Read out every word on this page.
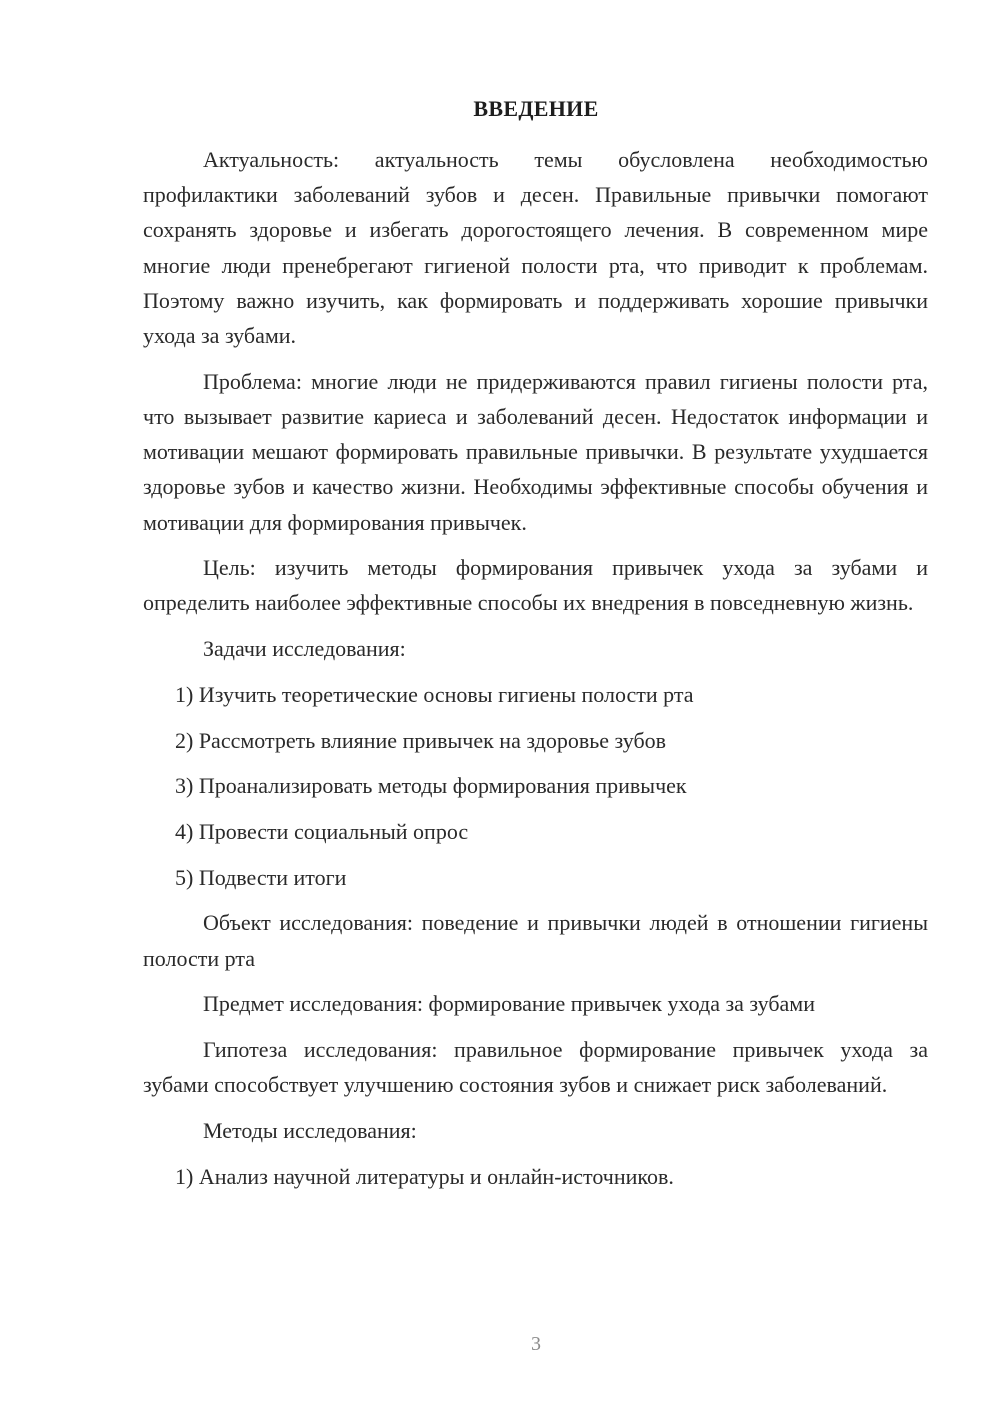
ВВЕДЕНИЕ

Актуальность: актуальность темы обусловлена необходимостью профилактики заболеваний зубов и десен. Правильные привычки помогают сохранять здоровье и избегать дорогостоящего лечения. В современном мире многие люди пренебрегают гигиеной полости рта, что приводит к проблемам. Поэтому важно изучить, как формировать и поддерживать хорошие привычки ухода за зубами.

Проблема: многие люди не придерживаются правил гигиены полости рта, что вызывает развитие кариеса и заболеваний десен. Недостаток информации и мотивации мешают формировать правильные привычки. В результате ухудшается здоровье зубов и качество жизни. Необходимы эффективные способы обучения и мотивации для формирования привычек.

Цель: изучить методы формирования привычек ухода за зубами и определить наиболее эффективные способы их внедрения в повседневную жизнь.

Задачи исследования:

1) Изучить теоретические основы гигиены полости рта

2) Рассмотреть влияние привычек на здоровье зубов

3) Проанализировать методы формирования привычек

4) Провести социальный опрос

5) Подвести итоги

Объект исследования: поведение и привычки людей в отношении гигиены полости рта

Предмет исследования: формирование привычек ухода за зубами

Гипотеза исследования: правильное формирование привычек ухода за зубами способствует улучшению состояния зубов и снижает риск заболеваний.

Методы исследования:

1) Анализ научной литературы и онлайн-источников.

3
